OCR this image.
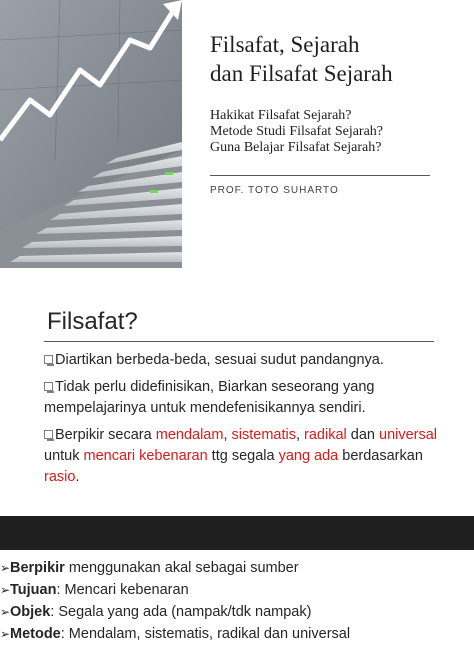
Filsafat, Sejarah
dan Filsafat Sejarah
Hakikat Filsafat Sejarah?
Metode Studi Filsafat Sejarah?
Guna Belajar Filsafat Sejarah?
PROF. TOTO SUHARTO
Filsafat?
Diartikan berbeda-beda, sesuai sudut pandangnya.
Tidak perlu didefinisikan, Biarkan seseorang yang mempelajarinya untuk mendefenisikannya sendiri.
Berpikir secara mendalam, sistematis, radikal dan universal untuk mencari kebenaran ttg segala yang ada berdasarkan rasio.
➢Berpikir menggunakan akal sebagai sumber
➢Tujuan: Mencari kebenaran
➢Objek: Segala yang ada (nampak/tdk nampak)
➢Metode: Mendalam, sistematis, radikal dan universal
